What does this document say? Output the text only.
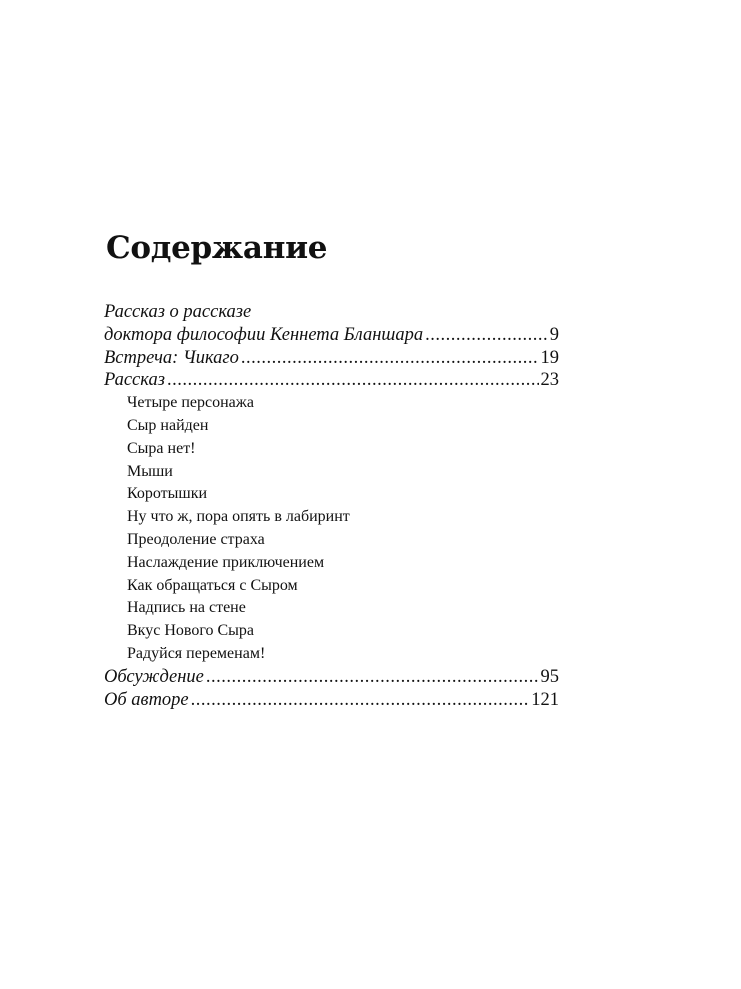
Содержание
Рассказ о рассказе
доктора философии Кеннета Бланшара .....	9
Встреча: Чикаго .....	19
Рассказ .....	23
Четыре персонажа
Сыр найден
Сыра нет!
Мыши
Коротышки
Ну что ж, пора опять в лабиринт
Преодоление страха
Наслаждение приключением
Как обращаться с Сыром
Надпись на стене
Вкус Нового Сыра
Радуйся переменам!
Обсуждение .....	95
Об авторе .....	121
